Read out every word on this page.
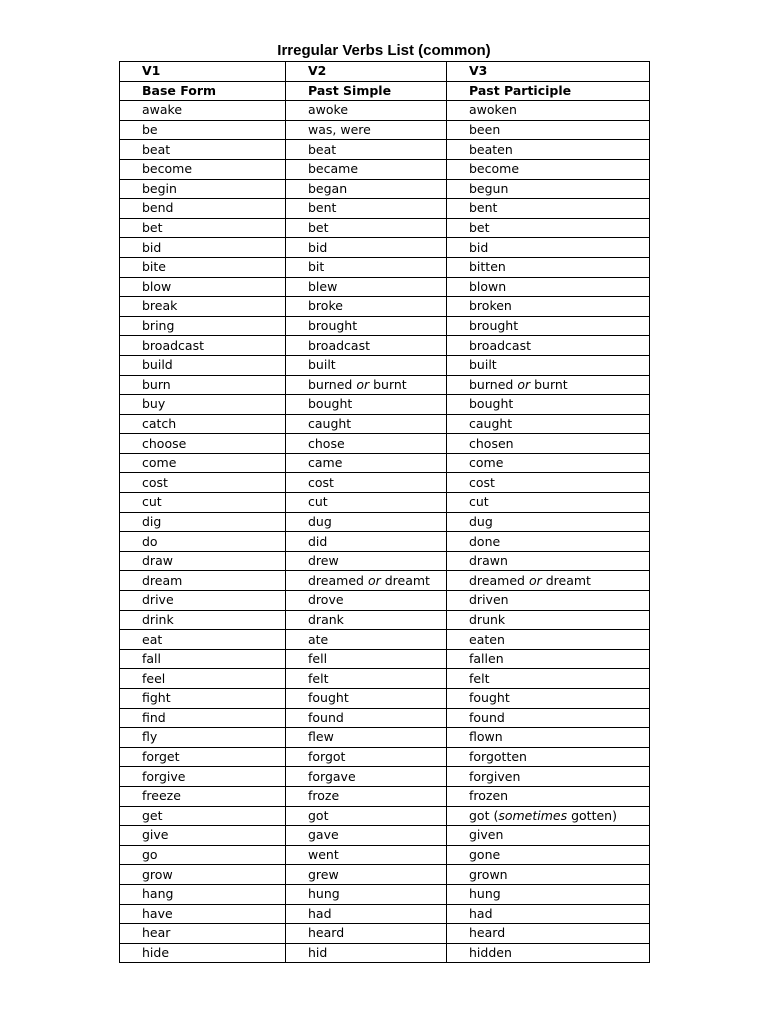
Irregular Verbs List (common)
V1	V2	V3
Base Form	Past Simple	Past Participle
awake	awoke	awoken
be	was, were	been
beat	beat	beaten
become	became	become
begin	began	begun
bend	bent	bent
bet	bet	bet
bid	bid	bid
bite	bit	bitten
blow	blew	blown
break	broke	broken
bring	brought	brought
broadcast	broadcast	broadcast
build	built	built
burn	burned or burnt	burned or burnt
buy	bought	bought
catch	caught	caught
choose	chose	chosen
come	came	come
cost	cost	cost
cut	cut	cut
dig	dug	dug
do	did	done
draw	drew	drawn
dream	dreamed or dreamt	dreamed or dreamt
drive	drove	driven
drink	drank	drunk
eat	ate	eaten
fall	fell	fallen
feel	felt	felt
fight	fought	fought
find	found	found
fly	flew	flown
forget	forgot	forgotten
forgive	forgave	forgiven
freeze	froze	frozen
get	got	got (sometimes gotten)
give	gave	given
go	went	gone
grow	grew	grown
hang	hung	hung
have	had	had
hear	heard	heard
hide	hid	hidden
